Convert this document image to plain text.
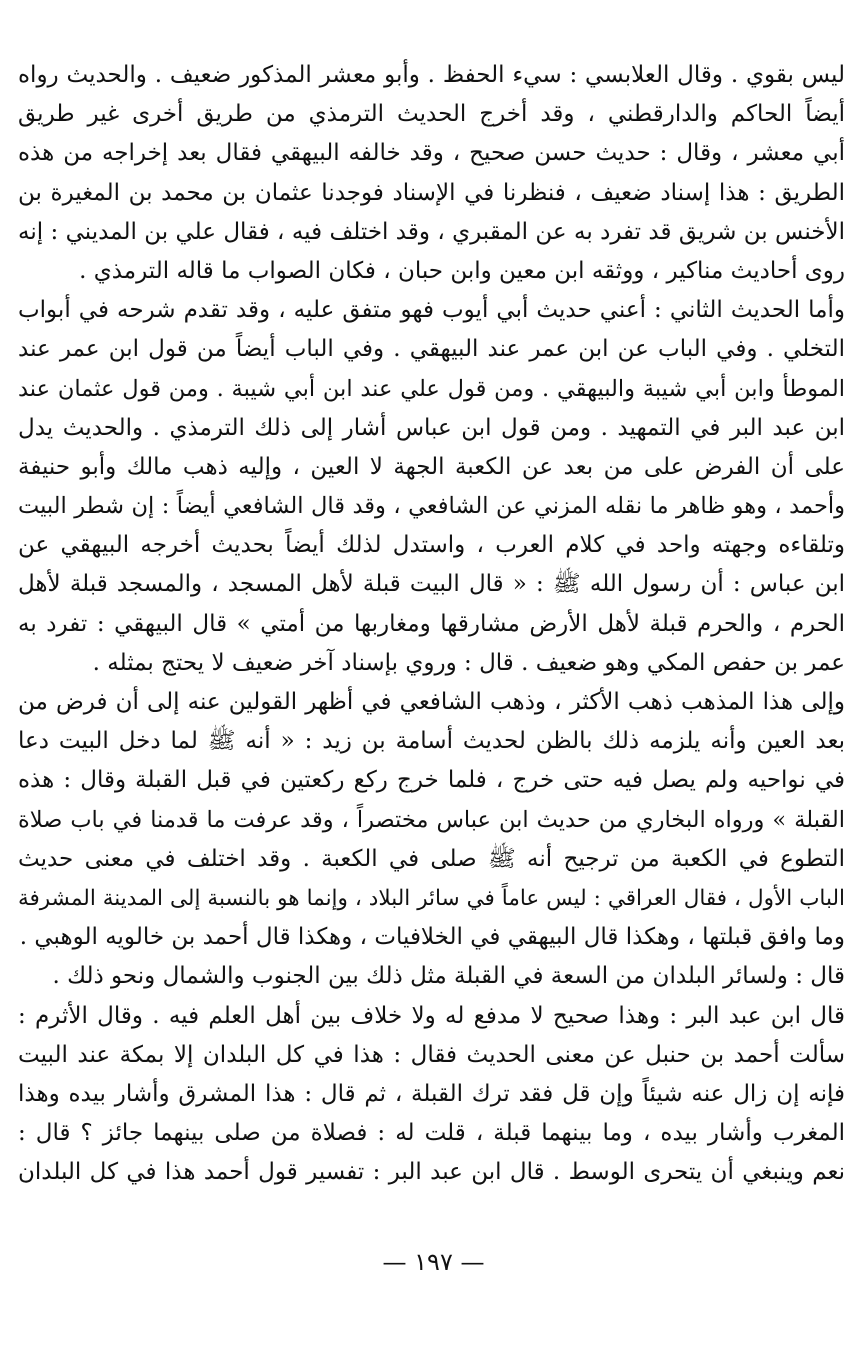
ليس بقوي . وقال العلابسي : سيء الحفظ . وأبو معشر المذكور ضعيف . والحديث رواه
أيضاً الحاكم والدارقطني ، وقد أخرج الحديث الترمذي من طريق أخرى غير طريق
أبي معشر ، وقال : حديث حسن صحيح ، وقد خالفه البيهقي فقال بعد إخراجه من هذه
الطريق : هذا إسناد ضعيف ، فنظرنا في الإسناد فوجدنا عثمان بن محمد بن المغيرة بن
الأخنس بن شريق قد تفرد به عن المقبري ، وقد اختلف فيه ، فقال علي بن المديني : إنه
روى أحاديث مناكير ، ووثقه ابن معين وابن حبان ، فكان الصواب ما قاله الترمذي .
وأما الحديث الثاني : أعني حديث أبي أيوب فهو متفق عليه ، وقد تقدم شرحه في أبواب
التخلي . وفي الباب عن ابن عمر عند البيهقي . وفي الباب أيضاً من قول ابن عمر عند
الموطأ وابن أبي شيبة والبيهقي . ومن قول علي عند ابن أبي شيبة . ومن قول عثمان عند
ابن عبد البر في التمهيد . ومن قول ابن عباس أشار إلى ذلك الترمذي . والحديث يدل
على أن الفرض على من بعد عن الكعبة الجهة لا العين ، وإليه ذهب مالك وأبو حنيفة
وأحمد ، وهو ظاهر ما نقله المزني عن الشافعي ، وقد قال الشافعي أيضاً : إن شطر البيت
وتلقاءه وجهته واحد في كلام العرب ، واستدل لذلك أيضاً بحديث أخرجه البيهقي عن
ابن عباس : أن رسول الله ﷺ : « قال البيت قبلة لأهل المسجد ، والمسجد قبلة لأهل
الحرم ، والحرم قبلة لأهل الأرض مشارقها ومغاربها من أمتي » قال البيهقي : تفرد به
عمر بن حفص المكي وهو ضعيف . قال : وروي بإسناد آخر ضعيف لا يحتج بمثله .
وإلى هذا المذهب ذهب الأكثر ، وذهب الشافعي في أظهر القولين عنه إلى أن فرض من
بعد العين وأنه يلزمه ذلك بالظن لحديث أسامة بن زيد : « أنه ﷺ لما دخل البيت دعا
في نواحيه ولم يصل فيه حتى خرج ، فلما خرج ركع ركعتين في قبل القبلة وقال : هذه
القبلة » ورواه البخاري من حديث ابن عباس مختصراً ، وقد عرفت ما قدمنا في باب صلاة
التطوع في الكعبة من ترجيح أنه ﷺ صلى في الكعبة . وقد اختلف في معنى حديث
الباب الأول ، فقال العراقي : ليس عاماً في سائر البلاد ، وإنما هو بالنسبة إلى المدينة المشرفة
وما وافق قبلتها ، وهكذا قال البيهقي في الخلافيات ، وهكذا قال أحمد بن خالويه الوهبي .
قال : ولسائر البلدان من السعة في القبلة مثل ذلك بين الجنوب والشمال ونحو ذلك .
قال ابن عبد البر : وهذا صحيح لا مدفع له ولا خلاف بين أهل العلم فيه . وقال الأثرم :
سألت أحمد بن حنبل عن معنى الحديث فقال : هذا في كل البلدان إلا بمكة عند البيت
فإنه إن زال عنه شيئاً وإن قل فقد ترك القبلة ، ثم قال : هذا المشرق وأشار بيده وهذا
المغرب وأشار بيده ، وما بينهما قبلة ، قلت له : فصلاة من صلى بينهما جائز ؟ قال :
نعم وينبغي أن يتحرى الوسط . قال ابن عبد البر : تفسير قول أحمد هذا في كل البلدان
— ١٩٧ —
